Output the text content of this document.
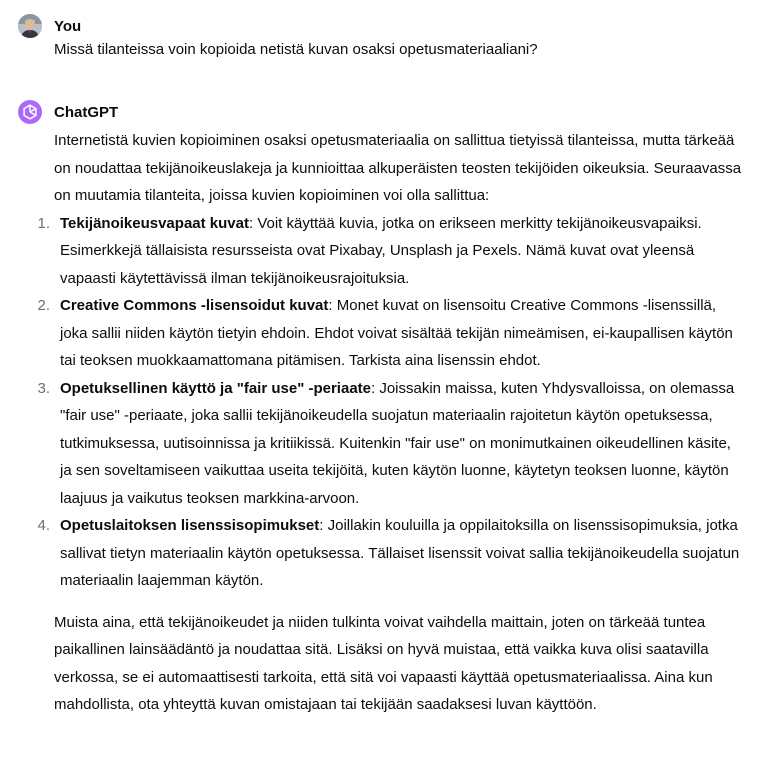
You
Missä tilanteissa voin kopioida netistä kuvan osaksi opetusmateriaaliani?
ChatGPT

Internetistä kuvien kopioiminen osaksi opetusmateriaalia on sallittua tietyissä tilanteissa, mutta tärkeää on noudattaa tekijänoikeuslakeja ja kunnioittaa alkuperäisten teosten tekijöiden oikeuksia. Seuraavassa on muutamia tilanteita, joissa kuvien kopioiminen voi olla sallittua:

1. Tekijänoikeusvapaat kuvat: Voit käyttää kuvia, jotka on erikseen merkitty tekijänoikeusvapaiksi. Esimerkkejä tällaisista resursseista ovat Pixabay, Unsplash ja Pexels. Nämä kuvat ovat yleensä vapaasti käytettävissä ilman tekijänoikeusrajoituksia.
2. Creative Commons -lisensoidut kuvat: Monet kuvat on lisensoitu Creative Commons -lisenssillä, joka sallii niiden käytön tietyin ehdoin. Ehdot voivat sisältää tekijän nimeämisen, ei-kaupallisen käytön tai teoksen muokkaamattomana pitämisen. Tarkista aina lisenssin ehdot.
3. Opetuksellinen käyttö ja "fair use" -periaate: Joissakin maissa, kuten Yhdysvalloissa, on olemassa "fair use" -periaate, joka sallii tekijänoikeudella suojatun materiaalin rajoitetun käytön opetuksessa, tutkimuksessa, uutisoinnissa ja kritiikissä. Kuitenkin "fair use" on monimutkainen oikeudellinen käsite, ja sen soveltamiseen vaikuttaa useita tekijöitä, kuten käytön luonne, käytetyn teoksen luonne, käytön laajuus ja vaikutus teoksen markkina-arvoon.
4. Opetuslaitoksen lisenssisopimukset: Joillakin kouluilla ja oppilaitoksilla on lisenssisopimuksia, jotka sallivat tietyn materiaalin käytön opetuksessa. Tällaiset lisenssit voivat sallia tekijänoikeudella suojatun materiaalin laajemman käytön.

Muista aina, että tekijänoikeudet ja niiden tulkinta voivat vaihdella maittain, joten on tärkeää tuntea paikallinen lainsäädäntö ja noudattaa sitä. Lisäksi on hyvä muistaa, että vaikka kuva olisi saatavilla verkossa, se ei automaattisesti tarkoita, että sitä voi vapaasti käyttää opetusmateriaalissa. Aina kun mahdollista, ota yhteyttä kuvan omistajaan tai tekijään saadaksesi luvan käyttöön.
